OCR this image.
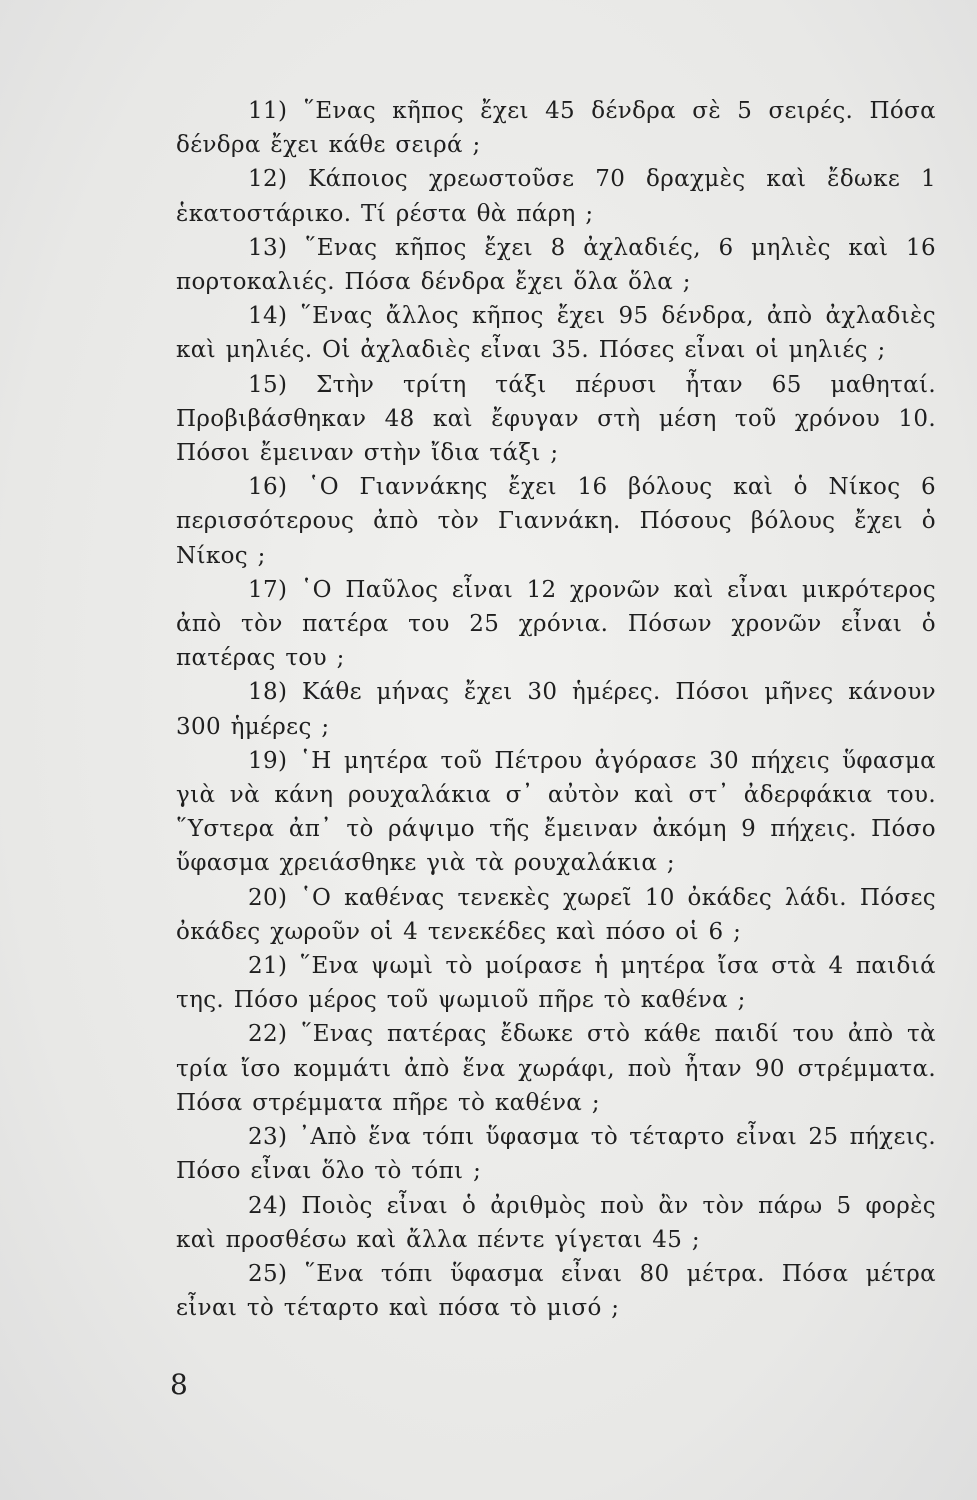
11) ῞Ενας κῆπος ἔχει 45 δένδρα σὲ 5 σειρές. Πόσα δένδρα ἔχει κάθε σειρά ;

12) Κάποιος χρεωστοῦσε 70 δραχμὲς καὶ ἔδωκε 1 ἑκατοστάρικο. Τί ρέστα θὰ πάρη ;

13) ῞Ενας κῆπος ἔχει 8 ἀχλαδιές, 6 μηλιὲς καὶ 16 πορτοκαλιές. Πόσα δένδρα ἔχει ὅλα ὅλα ;

14) ῞Ενας ἄλλος κῆπος ἔχει 95 δένδρα, ἀπὸ ἀχλαδιὲς καὶ μηλιές. Οἱ ἀχλαδιὲς εἶναι 35. Πόσες εἶναι οἱ μηλιές ;

15) Στὴν τρίτη τάξι πέρυσι ἦταν 65 μαθηταί. Προβιβάσθηκαν 48 καὶ ἔφυγαν στὴ μέση τοῦ χρόνου 10. Πόσοι ἔμειναν στὴν ἴδια τάξι ;

16) ῾Ο Γιαννάκης ἔχει 16 βόλους καὶ ὁ Νίκος 6 περισσότερους ἀπὸ τὸν Γιαννάκη. Πόσους βόλους ἔχει ὁ Νίκος ;

17) ῾Ο Παῦλος εἶναι 12 χρονῶν καὶ εἶναι μικρότερος ἀπὸ τὸν πατέρα του 25 χρόνια. Πόσων χρονῶν εἶναι ὁ πατέρας του ;

18) Κάθε μήνας ἔχει 30 ἡμέρες. Πόσοι μῆνες κάνουν 300 ἡμέρες ;

19) ῾Η μητέρα τοῦ Πέτρου ἀγόρασε 30 πήχεις ὕφασμα γιὰ νὰ κάνη ρουχαλάκια σ᾿ αὐτὸν καὶ στ᾿ ἀδερφάκια του. ῞Υστερα ἀπ᾿ τὸ ράψιμο τῆς ἔμειναν ἀκόμη 9 πήχεις. Πόσο ὕφασμα χρειάσθηκε γιὰ τὰ ρουχαλάκια ;

20) ῾Ο καθένας τενεκὲς χωρεῖ 10 ὀκάδες λάδι. Πόσες ὀκάδες χωροῦν οἱ 4 τενεκέδες καὶ πόσο οἱ 6 ;

21) ῞Ενα ψωμὶ τὸ μοίρασε ἡ μητέρα ἴσα στὰ 4 παιδιά της. Πόσο μέρος τοῦ ψωμιοῦ πῆρε τὸ καθένα ;

22) ῞Ενας πατέρας ἔδωκε στὸ κάθε παιδί του ἀπὸ τὰ τρία ἴσο κομμάτι ἀπὸ ἕνα χωράφι, ποὺ ἦταν 90 στρέμματα. Πόσα στρέμματα πῆρε τὸ καθένα ;

23) ᾿Απὸ ἕνα τόπι ὕφασμα τὸ τέταρτο εἶναι 25 πήχεις. Πόσο εἶναι ὅλο τὸ τόπι ;

24) Ποιὸς εἶναι ὁ ἀριθμὸς ποὺ ἂν τὸν πάρω 5 φορὲς καὶ προσθέσω καὶ ἄλλα πέντε γίγεται 45 ;

25) ῞Ενα τόπι ὕφασμα εἶναι 80 μέτρα. Πόσα μέτρα εἶναι τὸ τέταρτο καὶ πόσα τὸ μισό ;

8
